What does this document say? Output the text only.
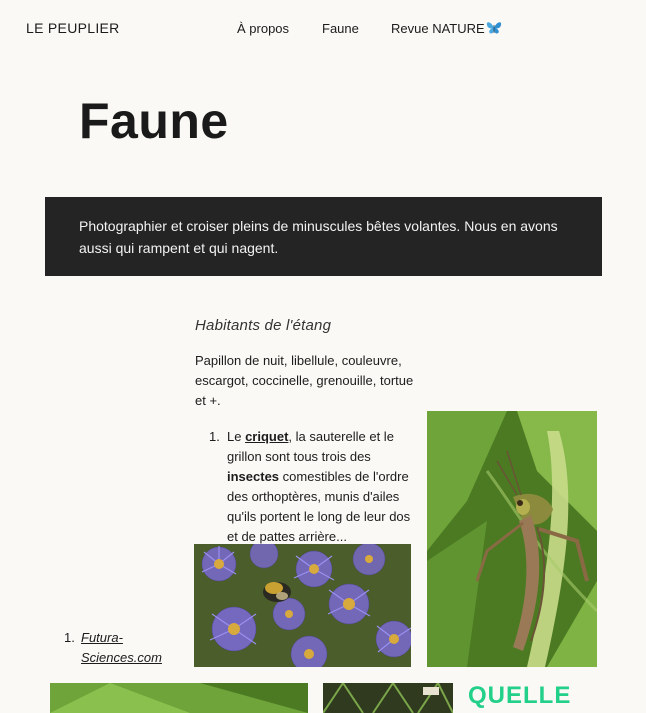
LE PEUPLIER	À propos	Faune Revue NATURE
Faune
Photographier et croiser pleins de minuscules bêtes volantes. Nous en avons aussi qui rampent et qui nagent.
Habitants de l'étang

Papillon de nuit, libellule, couleuvre, escargot, coccinelle, grenouille, tortue et +.

1. Le criquet, la sauterelle et le grillon sont tous trois des insectes comestibles de l'ordre des orthoptères, munis d'ailes qu'ils portent le long de leur dos et de pattes arrière...
1. Futura-Sciences.com
QUELLE
